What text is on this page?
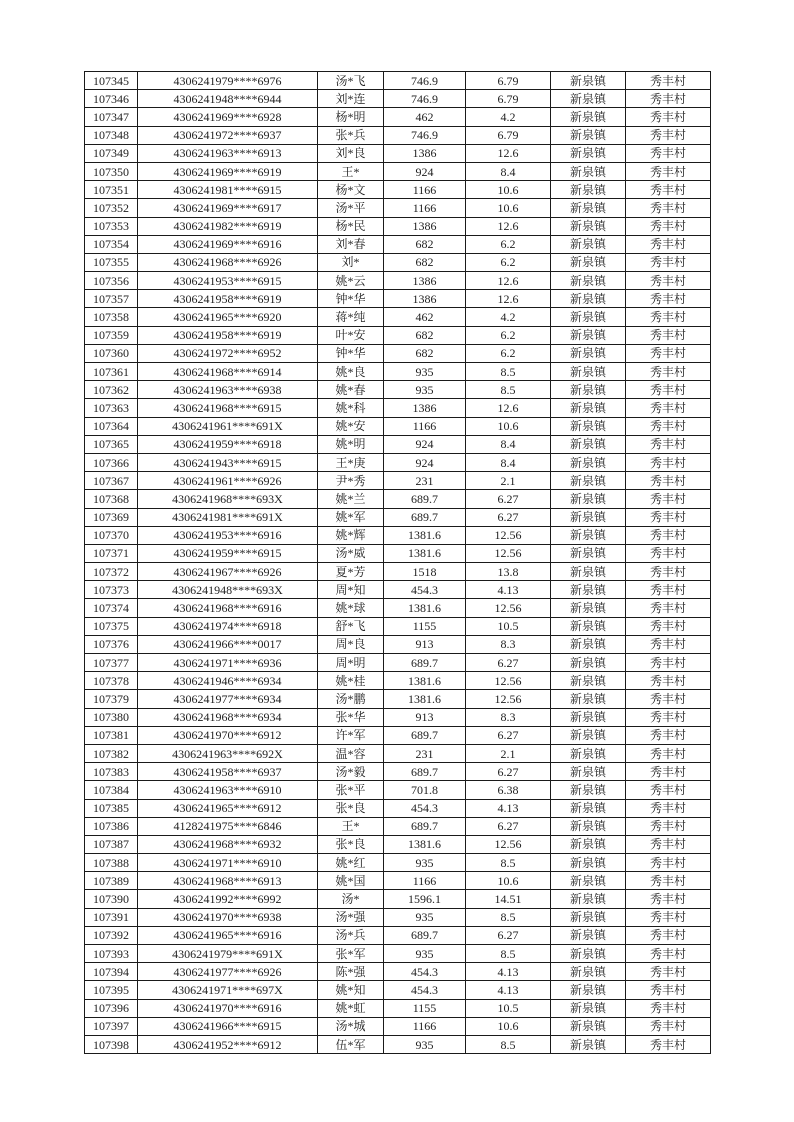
107345	4306241979****6976	汤*飞	746.9	6.79	新泉镇	秀丰村
107346	4306241948****6944	刘*连	746.9	6.79	新泉镇	秀丰村
107347	4306241969****6928	杨*明	462	4.2	新泉镇	秀丰村
107348	4306241972****6937	张*兵	746.9	6.79	新泉镇	秀丰村
107349	4306241963****6913	刘*良	1386	12.6	新泉镇	秀丰村
107350	4306241969****6919	王*	924	8.4	新泉镇	秀丰村
107351	4306241981****6915	杨*文	1166	10.6	新泉镇	秀丰村
107352	4306241969****6917	汤*平	1166	10.6	新泉镇	秀丰村
107353	4306241982****6919	杨*民	1386	12.6	新泉镇	秀丰村
107354	4306241969****6916	刘*春	682	6.2	新泉镇	秀丰村
107355	4306241968****6926	刘*	682	6.2	新泉镇	秀丰村
107356	4306241953****6915	姚*云	1386	12.6	新泉镇	秀丰村
107357	4306241958****6919	钟*华	1386	12.6	新泉镇	秀丰村
107358	4306241965****6920	蒋*纯	462	4.2	新泉镇	秀丰村
107359	4306241958****6919	叶*安	682	6.2	新泉镇	秀丰村
107360	4306241972****6952	钟*华	682	6.2	新泉镇	秀丰村
107361	4306241968****6914	姚*良	935	8.5	新泉镇	秀丰村
107362	4306241963****6938	姚*春	935	8.5	新泉镇	秀丰村
107363	4306241968****6915	姚*科	1386	12.6	新泉镇	秀丰村
107364	4306241961****691X	姚*安	1166	10.6	新泉镇	秀丰村
107365	4306241959****6918	姚*明	924	8.4	新泉镇	秀丰村
107366	4306241943****6915	王*庚	924	8.4	新泉镇	秀丰村
107367	4306241961****6926	尹*秀	231	2.1	新泉镇	秀丰村
107368	4306241968****693X	姚*兰	689.7	6.27	新泉镇	秀丰村
107369	4306241981****691X	姚*军	689.7	6.27	新泉镇	秀丰村
107370	4306241953****6916	姚*辉	1381.6	12.56	新泉镇	秀丰村
107371	4306241959****6915	汤*威	1381.6	12.56	新泉镇	秀丰村
107372	4306241967****6926	夏*芳	1518	13.8	新泉镇	秀丰村
107373	4306241948****693X	周*知	454.3	4.13	新泉镇	秀丰村
107374	4306241968****6916	姚*球	1381.6	12.56	新泉镇	秀丰村
107375	4306241974****6918	舒*飞	1155	10.5	新泉镇	秀丰村
107376	4306241966****0017	周*良	913	8.3	新泉镇	秀丰村
107377	4306241971****6936	周*明	689.7	6.27	新泉镇	秀丰村
107378	4306241946****6934	姚*桂	1381.6	12.56	新泉镇	秀丰村
107379	4306241977****6934	汤*鹏	1381.6	12.56	新泉镇	秀丰村
107380	4306241968****6934	张*华	913	8.3	新泉镇	秀丰村
107381	4306241970****6912	许*军	689.7	6.27	新泉镇	秀丰村
107382	4306241963****692X	温*容	231	2.1	新泉镇	秀丰村
107383	4306241958****6937	汤*毅	689.7	6.27	新泉镇	秀丰村
107384	4306241963****6910	张*平	701.8	6.38	新泉镇	秀丰村
107385	4306241965****6912	张*良	454.3	4.13	新泉镇	秀丰村
107386	4128241975****6846	王*	689.7	6.27	新泉镇	秀丰村
107387	4306241968****6932	张*良	1381.6	12.56	新泉镇	秀丰村
107388	4306241971****6910	姚*红	935	8.5	新泉镇	秀丰村
107389	4306241968****6913	姚*国	1166	10.6	新泉镇	秀丰村
107390	4306241992****6992	汤*	1596.1	14.51	新泉镇	秀丰村
107391	4306241970****6938	汤*强	935	8.5	新泉镇	秀丰村
107392	4306241965****6916	汤*兵	689.7	6.27	新泉镇	秀丰村
107393	4306241979****691X	张*军	935	8.5	新泉镇	秀丰村
107394	4306241977****6926	陈*强	454.3	4.13	新泉镇	秀丰村
107395	4306241971****697X	姚*知	454.3	4.13	新泉镇	秀丰村
107396	4306241970****6916	姚*虹	1155	10.5	新泉镇	秀丰村
107397	4306241966****6915	汤*城	1166	10.6	新泉镇	秀丰村
107398	4306241952****6912	伍*军	935	8.5	新泉镇	秀丰村
